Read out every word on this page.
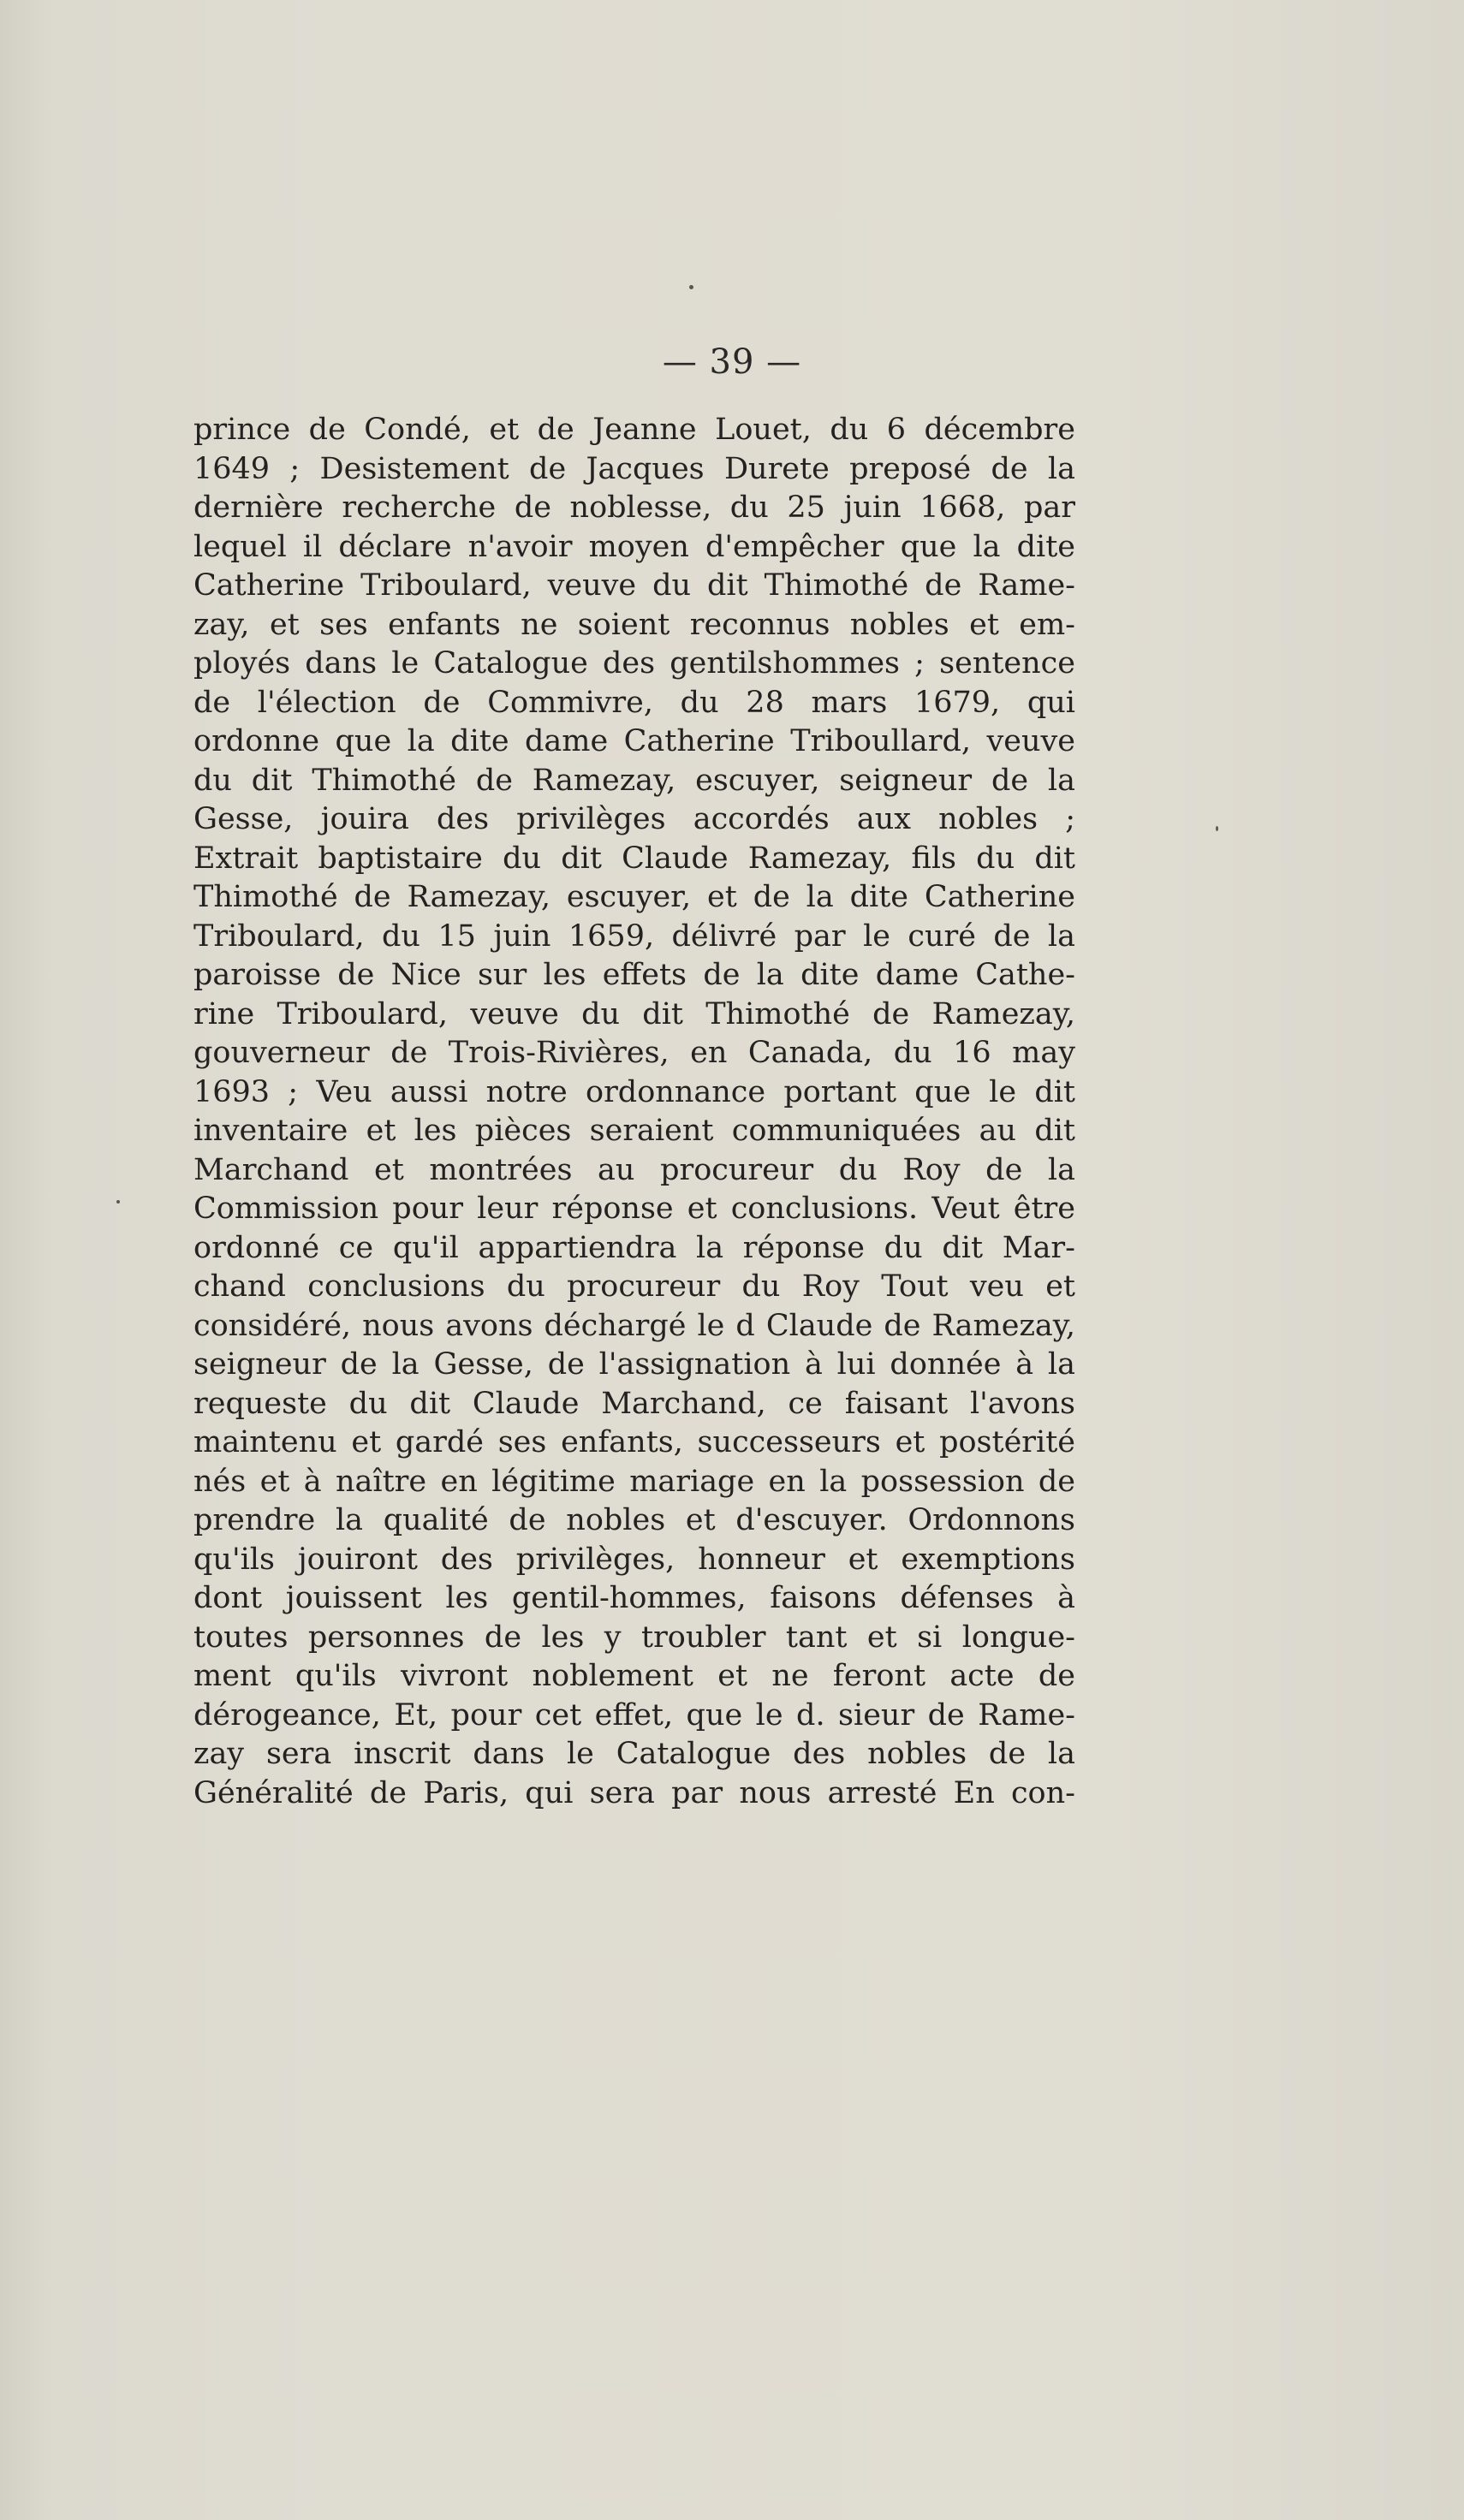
— 39 —
prince de Condé, et de Jeanne Louet, du 6 décembre
1649 ; Desistement de Jacques Durete preposé de la
dernière recherche de noblesse, du 25 juin 1668, par
lequel il déclare n'avoir moyen d'empêcher que la dite
Catherine Triboulard, veuve du dit Thimothé de Rame-
zay, et ses enfants ne soient reconnus nobles et em-
ployés dans le Catalogue des gentilshommes ; sentence
de l'élection de Commivre, du 28 mars 1679, qui
ordonne que la dite dame Catherine Triboullard, veuve
du dit Thimothé de Ramezay, escuyer, seigneur de la
Gesse, jouira des privilèges accordés aux nobles ;
Extrait baptistaire du dit Claude Ramezay, fils du dit
Thimothé de Ramezay, escuyer, et de la dite Catherine
Triboulard, du 15 juin 1659, délivré par le curé de la
paroisse de Nice sur les effets de la dite dame Cathe-
rine Triboulard, veuve du dit Thimothé de Ramezay,
gouverneur de Trois-Rivières, en Canada, du 16 may
1693 ; Veu aussi notre ordonnance portant que le dit
inventaire et les pièces seraient communiquées au dit
Marchand et montrées au procureur du Roy de la
Commission pour leur réponse et conclusions. Veut être
ordonné ce qu'il appartiendra la réponse du dit Mar-
chand conclusions du procureur du Roy Tout veu et
considéré, nous avons déchargé le d Claude de Ramezay,
seigneur de la Gesse, de l'assignation à lui donnée à la
requeste du dit Claude Marchand, ce faisant l'avons
maintenu et gardé ses enfants, successeurs et postérité
nés et à naître en légitime mariage en la possession de
prendre la qualité de nobles et d'escuyer. Ordonnons
qu'ils jouiront des privilèges, honneur et exemptions
dont jouissent les gentil-hommes, faisons défenses à
toutes personnes de les y troubler tant et si longue-
ment qu'ils vivront noblement et ne feront acte de
dérogeance, Et, pour cet effet, que le d. sieur de Rame-
zay sera inscrit dans le Catalogue des nobles de la
Généralité de Paris, qui sera par nous arresté En con-
